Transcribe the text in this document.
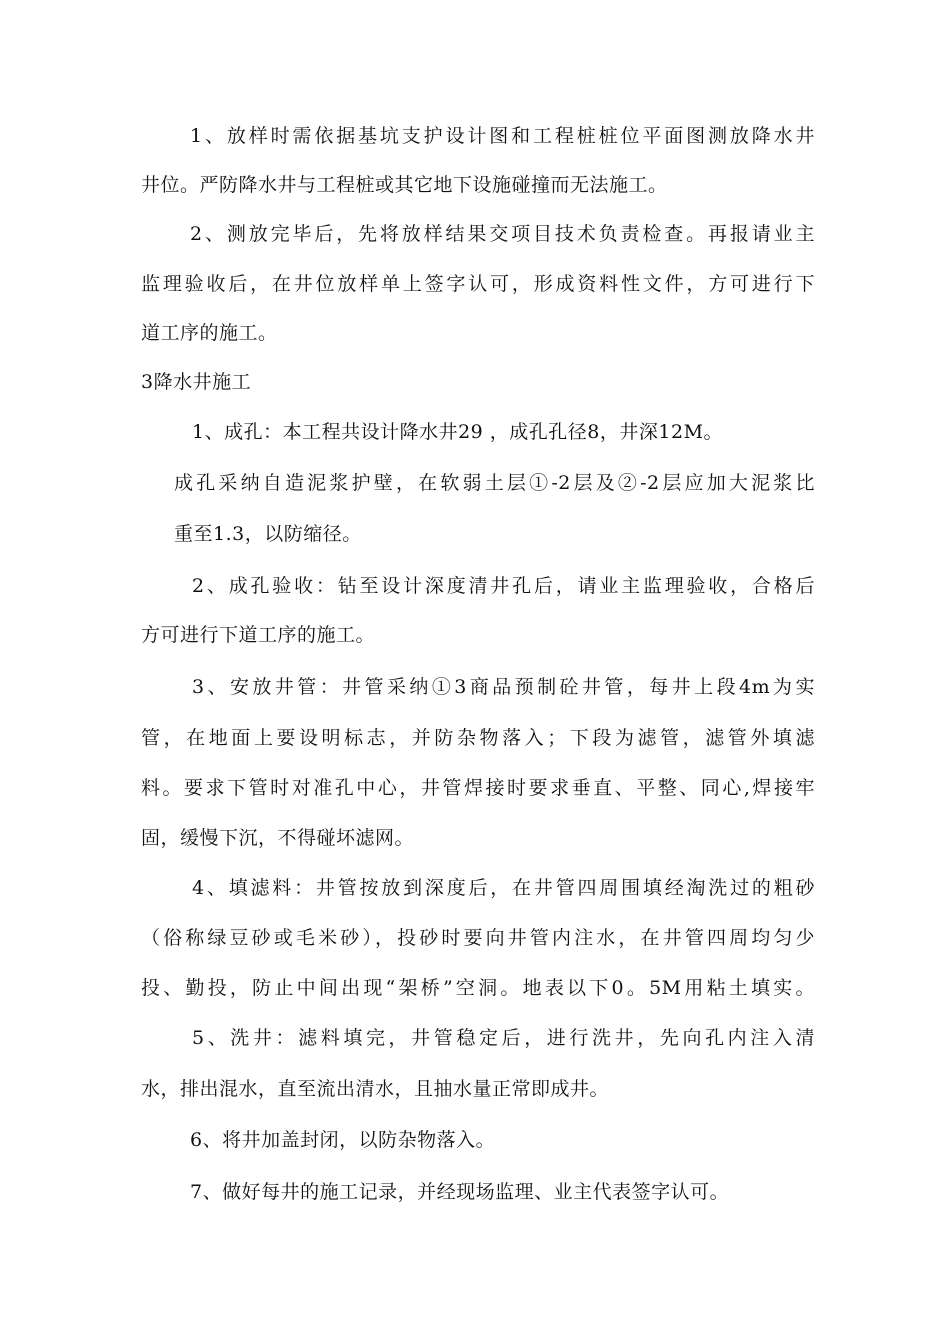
1、放样时需依据基坑支护设计图和工程桩桩位平面图测放降水井
井位。严防降水井与工程桩或其它地下设施碰撞而无法施工。
2、测放完毕后，先将放样结果交项目技术负责检查。再报请业主
监理验收后，在井位放样单上签字认可，形成资料性文件，方可进行下
道工序的施工。
3降水井施工
1、成孔：本工程共设计降水井29 ，成孔孔径8，井深12M。
成孔采纳自造泥浆护壁，在软弱土层①-2层及②-2层应加大泥浆比
重至1.3，以防缩径。
2、成孔验收：钻至设计深度清井孔后，请业主监理验收，合格后
方可进行下道工序的施工。
3、安放井管：井管采纳①3商品预制砼井管，每井上段4m为实
管，在地面上要设明标志，并防杂物落入；下段为滤管，滤管外填滤
料。要求下管时对准孔中心，井管焊接时要求垂直、平整、同心,焊接牢
固，缓慢下沉，不得碰坏滤网。
4、填滤料：井管按放到深度后，在井管四周围填经淘洗过的粗砂
（俗称绿豆砂或毛米砂），投砂时要向井管内注水，在井管四周均匀少
投、勤投，防止中间出现“架桥”空洞。地表以下0。5M用粘土填实。
5、洗井：滤料填完，井管稳定后，进行洗井，先向孔内注入清
水，排出混水，直至流出清水，且抽水量正常即成井。
6、将井加盖封闭，以防杂物落入。
7、做好每井的施工记录，并经现场监理、业主代表签字认可。
